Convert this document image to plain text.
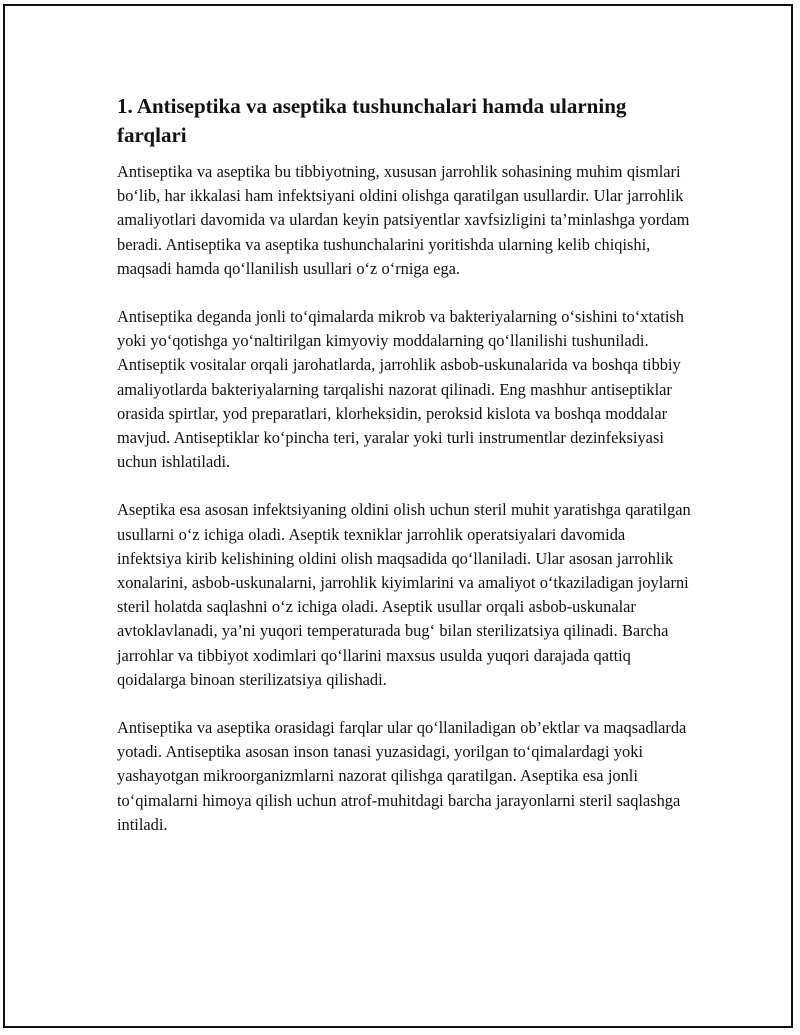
1. Antiseptika va aseptika tushunchalari hamda ularning farqlari

Antiseptika va aseptika bu tibbiyotning, xususan jarrohlik sohasining muhim qismlari bo‘lib, har ikkalasi ham infektsiyani oldini olishga qaratilgan usullardir. Ular jarrohlik amaliyotlari davomida va ulardan keyin patsiyentlar xavfsizligini ta’minlashga yordam beradi. Antiseptika va aseptika tushunchalarini yoritishda ularning kelib chiqishi, maqsadi hamda qo‘llanilish usullari o‘z o‘rniga ega.

Antiseptika deganda jonli to‘qimalarda mikrob va bakteriyalarning o‘sishini to‘xtatish yoki yo‘qotishga yo‘naltirilgan kimyoviy moddalarning qo‘llanilishi tushuniladi. Antiseptik vositalar orqali jarohatlarda, jarrohlik asbob-uskunalarida va boshqa tibbiy amaliyotlarda bakteriyalarning tarqalishi nazorat qilinadi. Eng mashhur antiseptiklar orasida spirtlar, yod preparatlari, klorheksidin, peroksid kislota va boshqa moddalar mavjud. Antiseptiklar ko‘pincha teri, yaralar yoki turli instrumentlar dezinfeksiyasi uchun ishlatiladi.

Aseptika esa asosan infektsiyaning oldini olish uchun steril muhit yaratishga qaratilgan usullarni o‘z ichiga oladi. Aseptik texniklar jarrohlik operatsiyalari davomida infektsiya kirib kelishining oldini olish maqsadida qo‘llaniladi. Ular asosan jarrohlik xonalarini, asbob-uskunalarni, jarrohlik kiyimlarini va amaliyot o‘tkaziladigan joylarni steril holatda saqlashni o‘z ichiga oladi. Aseptik usullar orqali asbob-uskunalar avtoklavlanadi, ya’ni yuqori temperaturada bug‘ bilan sterilizatsiya qilinadi. Barcha jarrohlar va tibbiyot xodimlari qo‘llarini maxsus usulda yuqori darajada qattiq qoidalarga binoan sterilizatsiya qilishadi.

Antiseptika va aseptika orasidagi farqlar ular qo‘llaniladigan ob’ektlar va maqsadlarda yotadi. Antiseptika asosan inson tanasi yuzasidagi, yorilgan to‘qimalardagi yoki yashayotgan mikroorganizmlarni nazorat qilishga qaratilgan. Aseptika esa jonli to‘qimalarni himoya qilish uchun atrof-muhitdagi barcha jarayonlarni steril saqlashga intiladi.
